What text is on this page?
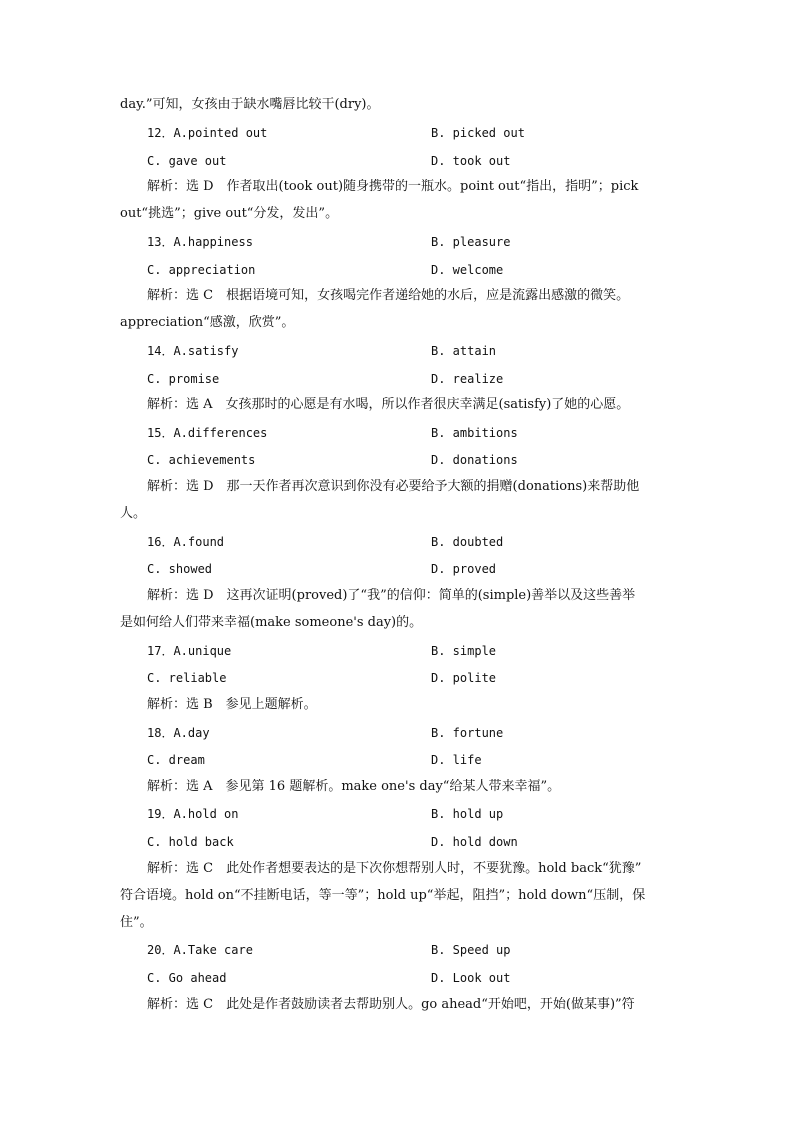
day.”可知，女孩由于缺水嘴唇比较干(dry)。
12．A.pointed out	B. picked out
C. gave out	D. took out
解析：选 D　作者取出(took out)随身携带的一瓶水。point out“指出，指明”；pick
out“挑选”；give out“分发，发出”。
13．A.happiness	B. pleasure
C. appreciation	D. welcome
解析：选 C　根据语境可知，女孩喝完作者递给她的水后，应是流露出感激的微笑。
appreciation“感激，欣赏”。
14．A.satisfy	B. attain
C. promise	D. realize
解析：选 A　女孩那时的心愿是有水喝，所以作者很庆幸满足(satisfy)了她的心愿。
15．A.differences	B. ambitions
C. achievements	D. donations
解析：选 D　那一天作者再次意识到你没有必要给予大额的捐赠(donations)来帮助他
人。
16．A.found	B. doubted
C. showed	D. proved
解析：选 D　这再次证明(proved)了“我”的信仰：简单的(simple)善举以及这些善举
是如何给人们带来幸福(make someone's day)的。
17．A.unique	B. simple
C. reliable	D. polite
解析：选 B　参见上题解析。
18．A.day	B. fortune
C. dream	D. life
解析：选 A　参见第 16 题解析。make one's day“给某人带来幸福”。
19．A.hold on	B. hold up
C. hold back	D. hold down
解析：选 C　此处作者想要表达的是下次你想帮别人时，不要犹豫。hold back“犹豫”
符合语境。hold on“不挂断电话，等一等”；hold up“举起，阻挡”；hold down“压制，保
住”。
20．A.Take care	B. Speed up
C. Go ahead	D. Look out
解析：选 C　此处是作者鼓励读者去帮助别人。go ahead“开始吧，开始(做某事)”符
